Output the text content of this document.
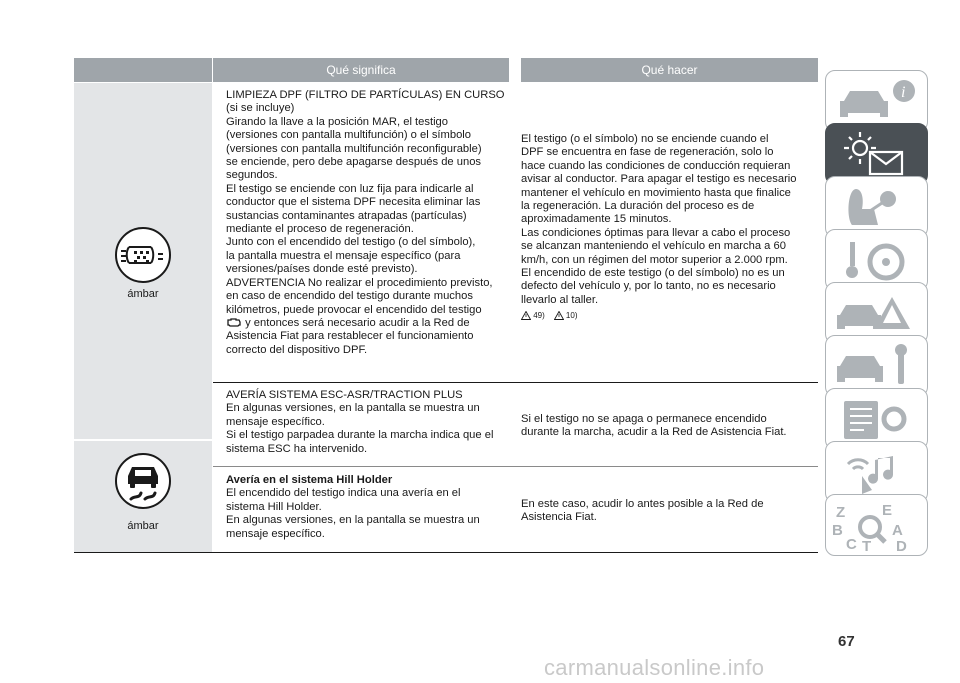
Qué significa	Qué hacer
ámbar
ámbar

LIMPIEZA DPF (FILTRO DE PARTÍCULAS) EN CURSO

(si se incluye)

Girando la llave a la posición MAR, el testigo

(versiones con pantalla multifunción) o el símbolo

(versiones con pantalla multifunción reconfigurable)

se enciende, pero debe apagarse después de unos

segundos.

El testigo se enciende con luz fija para indicarle al

conductor que el sistema DPF necesita eliminar las

sustancias contaminantes atrapadas (partículas)

mediante el proceso de regeneración.

Junto con el encendido del testigo (o del símbolo),

la pantalla muestra el mensaje específico (para

versiones/países donde esté previsto).

ADVERTENCIA No realizar el procedimiento previsto,

en caso de encendido del testigo durante muchos

kilómetros, puede provocar el encendido del testigo

y entonces será necesario acudir a la Red de

Asistencia Fiat para restablecer el funcionamiento

correcto del dispositivo DPF.

El testigo (o el símbolo) no se enciende cuando el

DPF se encuentra en fase de regeneración, solo lo

hace cuando las condiciones de conducción requieran

avisar al conductor. Para apagar el testigo es necesario

mantener el vehículo en movimiento hasta que finalice

la regeneración. La duración del proceso es de

aproximadamente 15 minutos.

Las condiciones óptimas para llevar a cabo el proceso

se alcanzan manteniendo el vehículo en marcha a 60

km/h, con un régimen del motor superior a 2.000 rpm.

El encendido de este testigo (o del símbolo) no es un

defecto del vehículo y, por lo tanto, no es necesario

llevarlo al taller.

49)	10)

AVERÍA SISTEMA ESC-ASR/TRACTION PLUS

En algunas versiones, en la pantalla se muestra un

mensaje específico.

Si el testigo parpadea durante la marcha indica que el

sistema ESC ha intervenido.

Si el testigo no se apaga o permanece encendido

durante la marcha, acudir a la Red de Asistencia Fiat.

Avería en el sistema Hill Holder

El encendido del testigo indica una avería en el

sistema Hill Holder.

En algunas versiones, en la pantalla se muestra un

mensaje específico.

En este caso, acudir lo antes posible a la Red de

Asistencia Fiat.

i
Z E
B
C T
A
D
67
carmanualsonline.info
